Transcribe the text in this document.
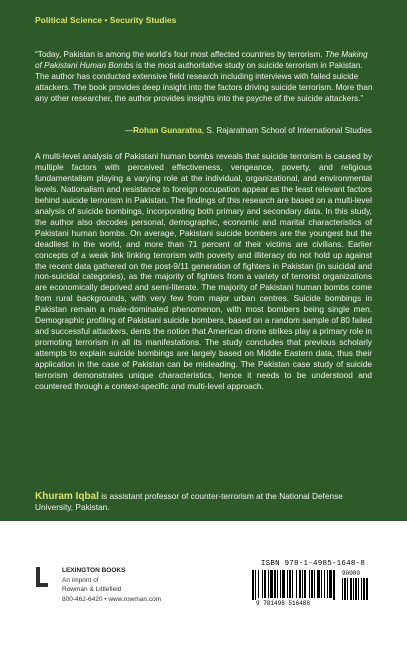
Political Science • Security Studies

“Today, Pakistan is among the world’s four most affected countries by terrorism. The Making of Pakistani Human Bombs is the most authoritative study on suicide terrorism in Pakistan. The author has conducted extensive field research including interviews with failed suicide attackers. The book provides deep insight into the factors driving suicide terrorism. More than any other researcher, the author provides insights into the psyche of the suicide attackers.”

—Rohan Gunaratna, S. Rajaratnam School of International Studies

A multi-level analysis of Pakistani human bombs reveals that suicide terrorism is caused by multiple factors with perceived effectiveness, vengeance, poverty, and religious fundamentalism playing a varying role at the individual, organizational, and environmental levels. Nationalism and resistance to foreign occupation appear as the least relevant factors behind suicide terrorism in Pakistan. The findings of this research are based on a multi-level analysis of suicide bombings, incorporating both primary and secondary data. In this study, the author also decodes personal, demographic, economic and marital characteristics of Pakistani human bombs. On average, Pakistani suicide bombers are the youngest but the deadliest in the world, and more than 71 percent of their victims are civilians. Earlier concepts of a weak link linking terrorism with poverty and illiteracy do not hold up against the recent data gathered on the post-9/11 generation of fighters in Pakistan (in suicidal and non-suicidal categories), as the majority of fighters from a variety of terrorist organizations are economically deprived and semi-literate. The majority of Pakistani human bombs come from rural backgrounds, with very few from major urban centres. Suicide bombings in Pakistan remain a male-dominated phenomenon, with most bombers being single men. Demographic profiling of Pakistani suicide bombers, based on a random sample of 80 failed and successful attackers, dents the notion that American drone strikes play a primary role in promoting terrorism in all its manifestations. The study concludes that previous scholarly attempts to explain suicide bombings are largely based on Middle Eastern data, thus their application in the case of Pakistan can be misleading. The Pakistan case study of suicide terrorism demonstrates unique characteristics, hence it needs to be understood and countered through a context-specific and multi-level approach.

Khuram Iqbal is assistant professor of counter-terrorism at the National Defense University, Pakistan.
LEXINGTON BOOKS
An imprint of
Rowman & Littlefield
800-462-6420 • www.rowman.com
ISBN 978-1-4985-1648-8
9 781498 516488
90000
